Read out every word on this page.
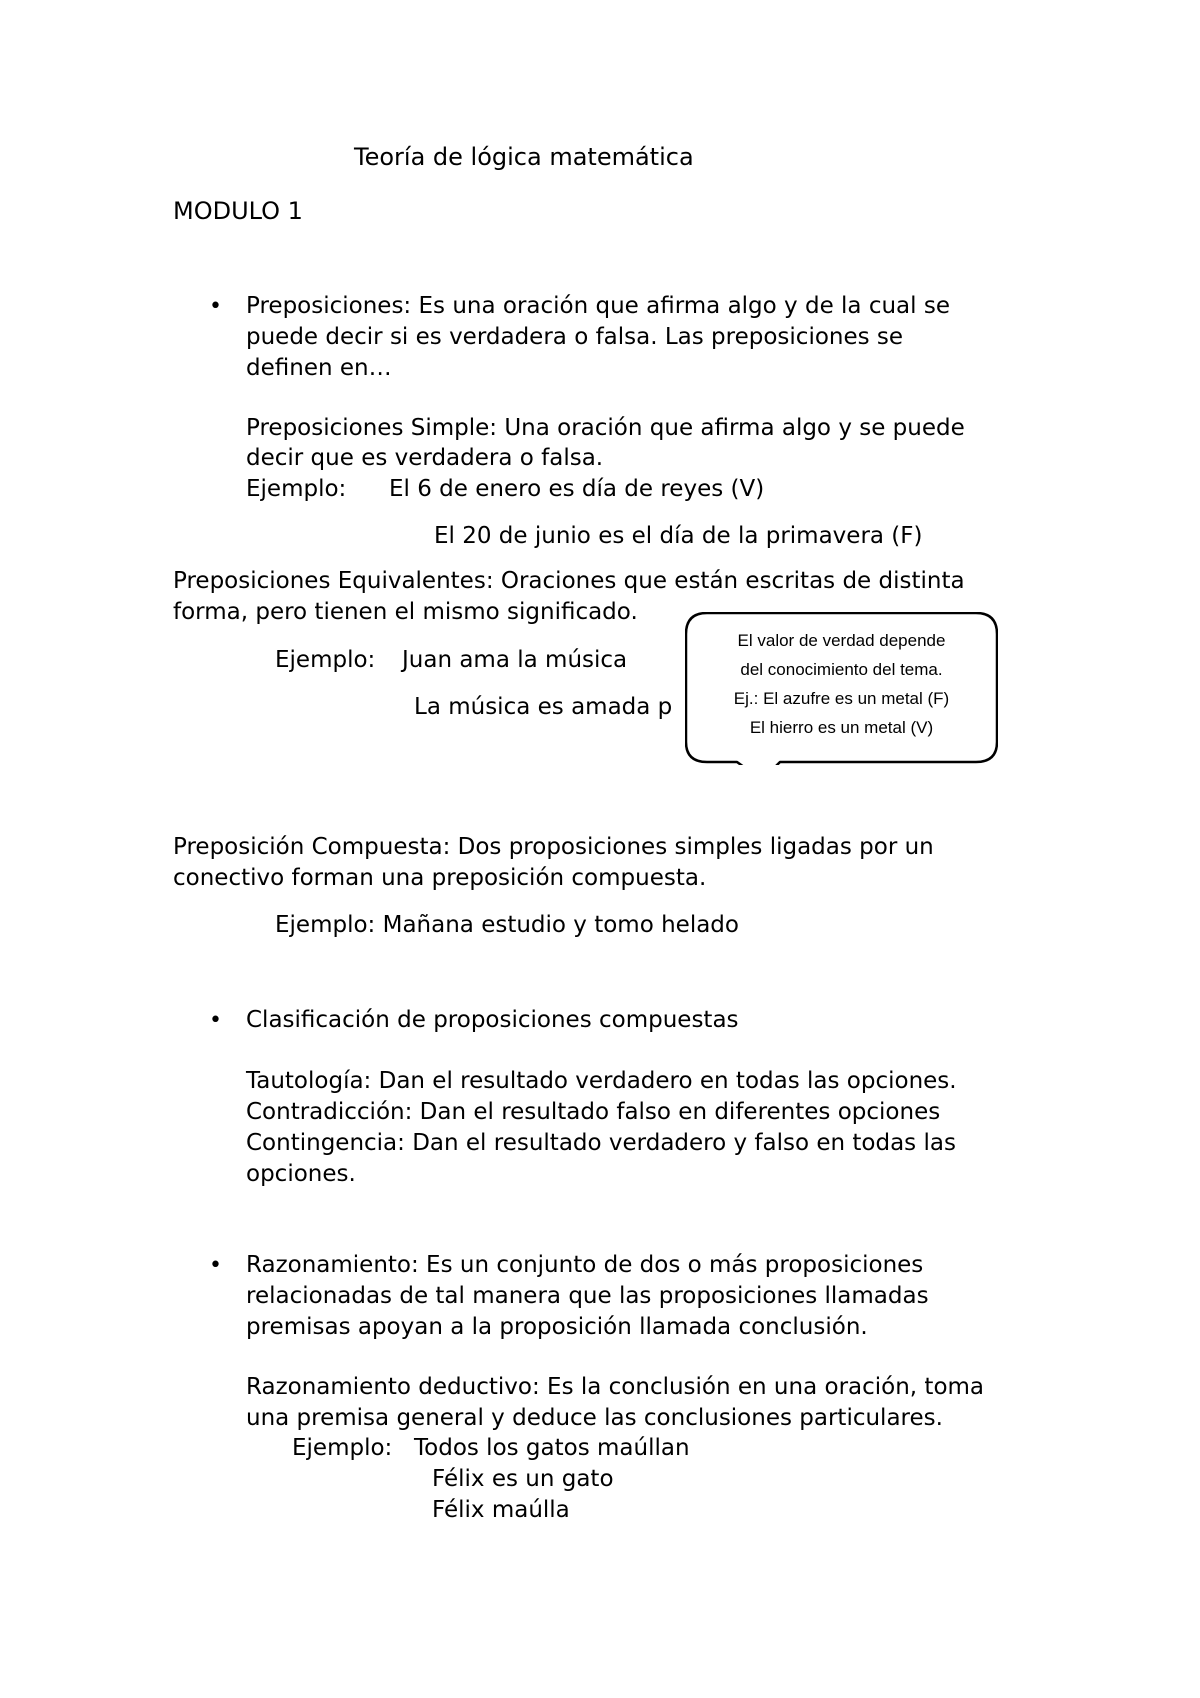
Teoría de lógica matemática
MODULO 1
• Preposiciones: Es una oración que afirma algo y de la cual se
puede decir si es verdadera o falsa. Las preposiciones se
definen en…
Preposiciones Simple: Una oración que afirma algo y se puede
decir que es verdadera o falsa.
Ejemplo: El 6 de enero es día de reyes (V)
El 20 de junio es el día de la primavera (F)
Preposiciones Equivalentes: Oraciones que están escritas de distinta
forma, pero tienen el mismo significado.
Ejemplo: Juan ama la música
La música es amada p
El valor de verdad depende
del conocimiento del tema.
Ej.: El azufre es un metal (F)
El hierro es un metal (V)
Preposición Compuesta: Dos proposiciones simples ligadas por un
conectivo forman una preposición compuesta.
Ejemplo: Mañana estudio y tomo helado
• Clasificación de proposiciones compuestas
Tautología: Dan el resultado verdadero en todas las opciones.
Contradicción: Dan el resultado falso en diferentes opciones
Contingencia: Dan el resultado verdadero y falso en todas las
opciones.
• Razonamiento: Es un conjunto de dos o más proposiciones
relacionadas de tal manera que las proposiciones llamadas
premisas apoyan a la proposición llamada conclusión.
Razonamiento deductivo: Es la conclusión en una oración, toma
una premisa general y deduce las conclusiones particulares.
Ejemplo: Todos los gatos maúllan
Félix es un gato
Félix maúlla
